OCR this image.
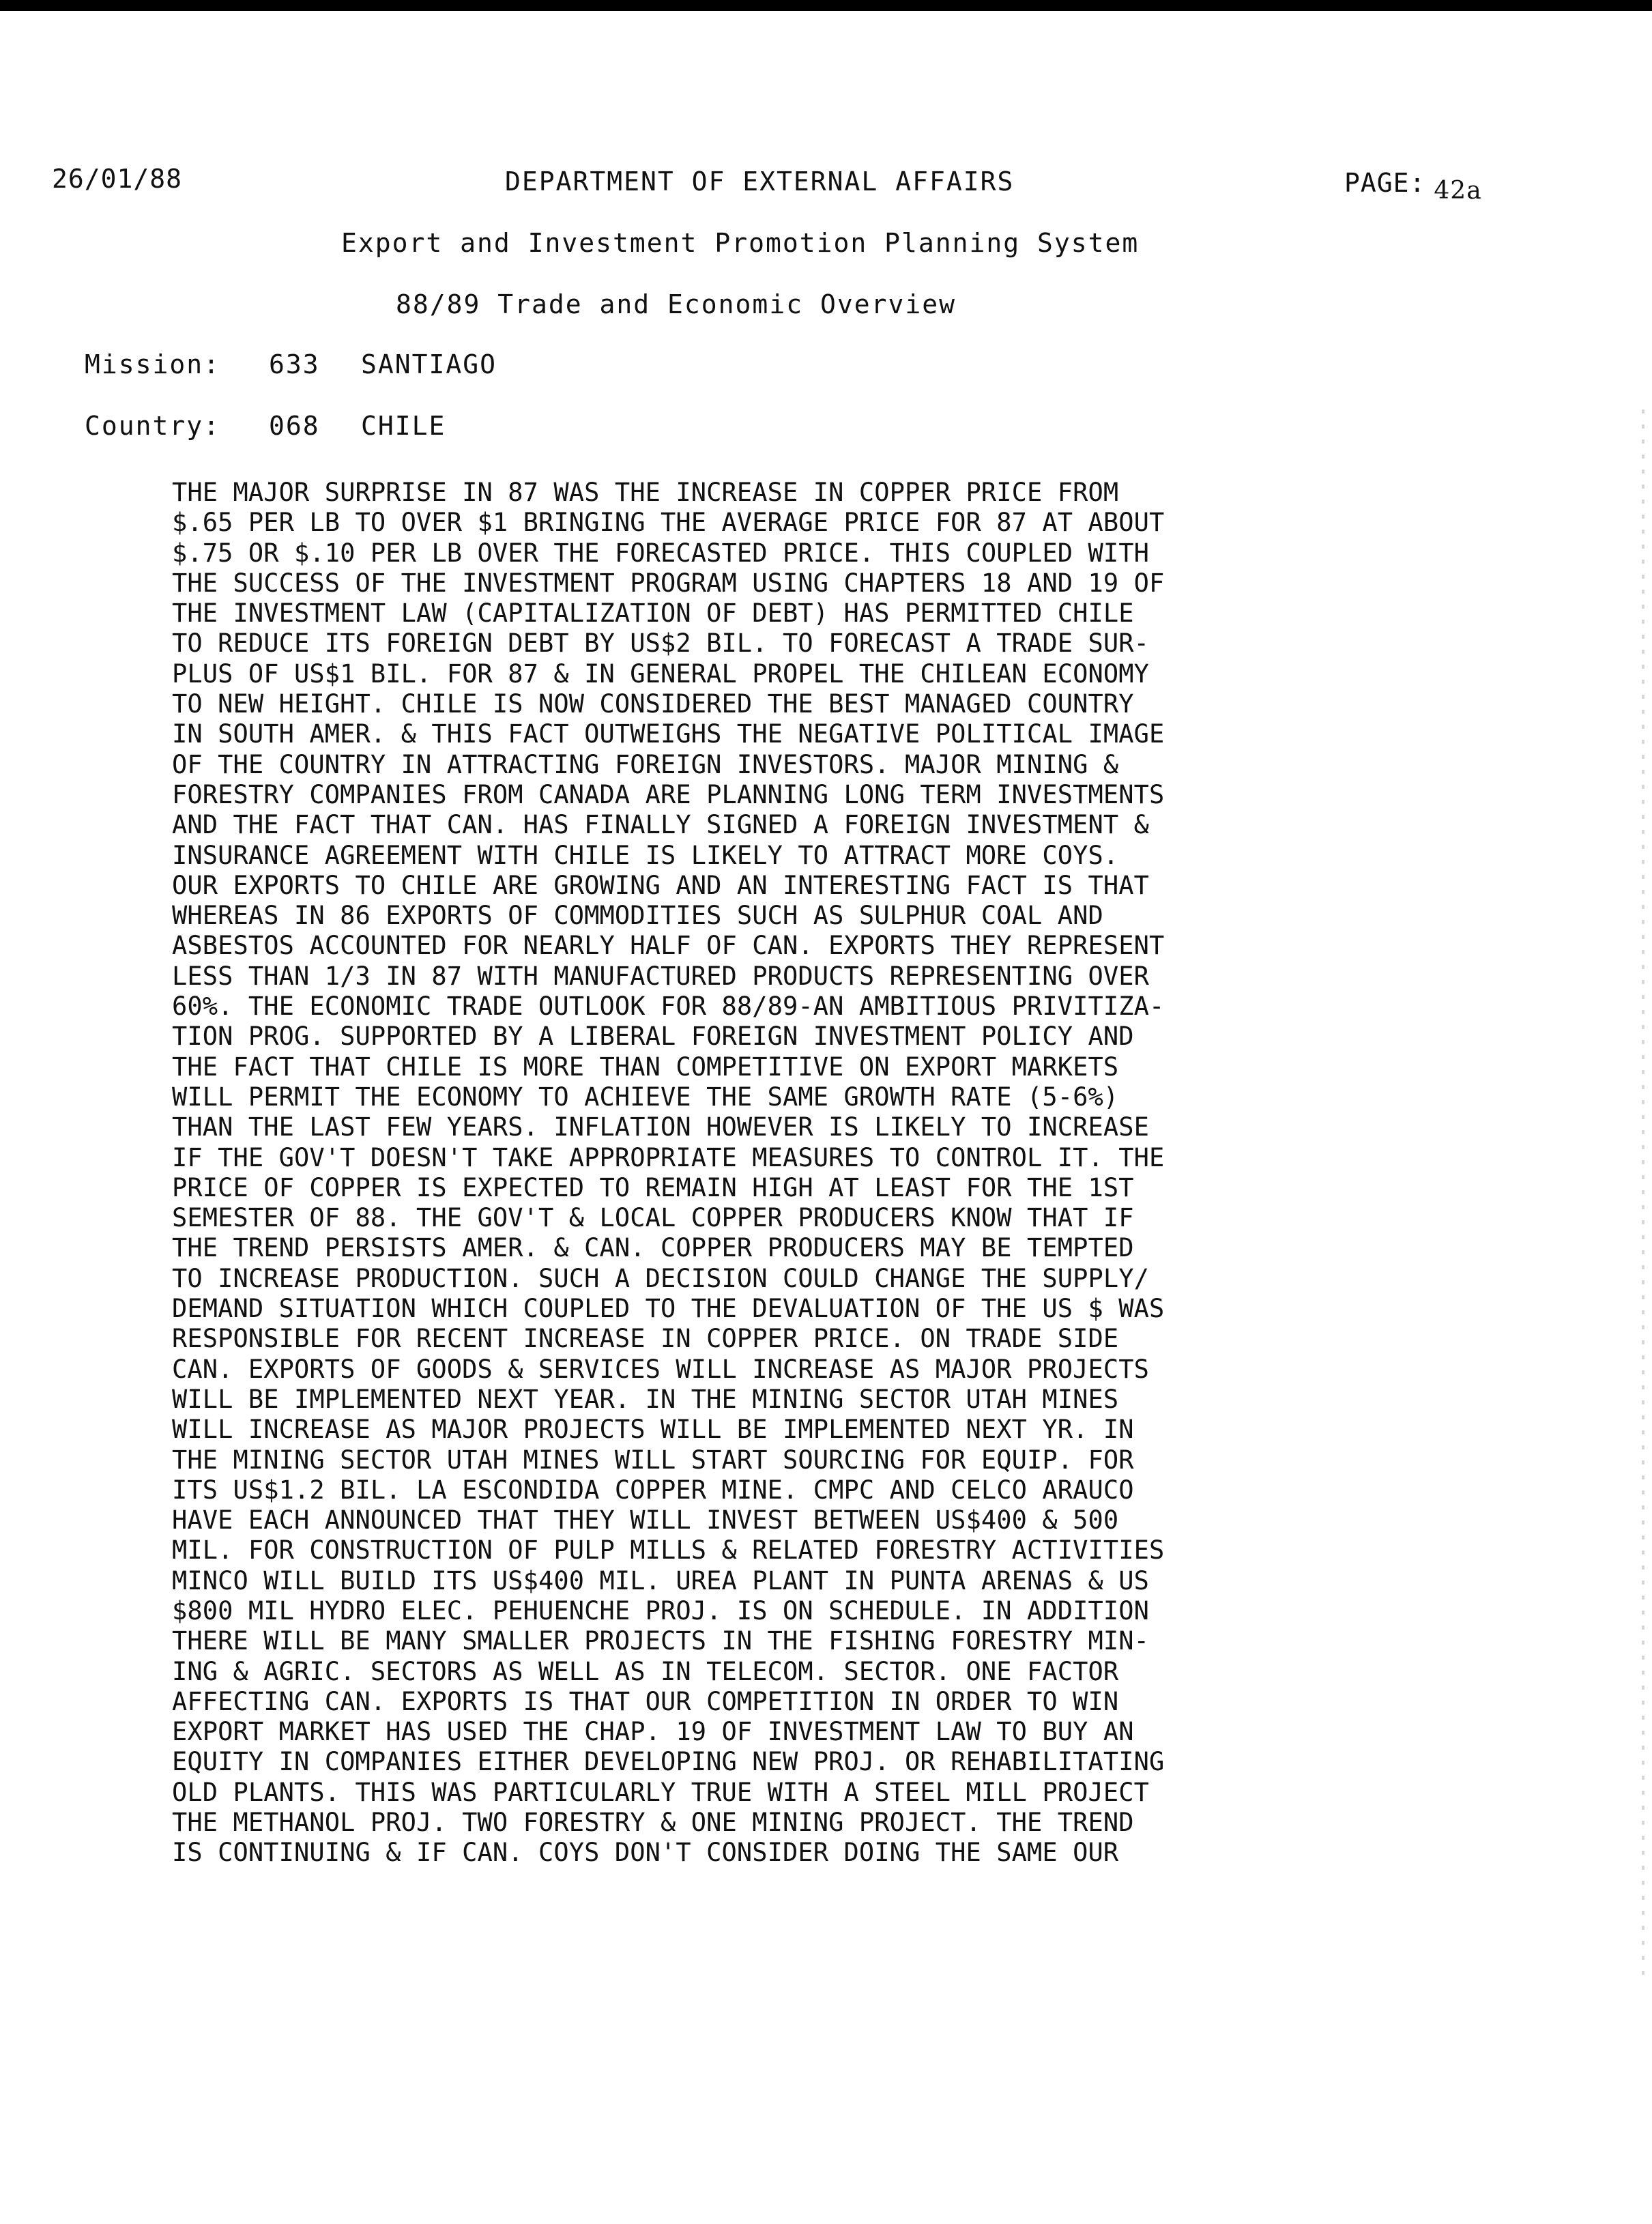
26/01/88	DEPARTMENT OF EXTERNAL AFFAIRS	PAGE: 42a
Export and Investment Promotion Planning System
88/89 Trade and Economic Overview
Mission: 633 SANTIAGO
Country: 068 CHILE
THE MAJOR SURPRISE IN 87 WAS THE INCREASE IN COPPER PRICE FROM
$.65 PER LB TO OVER $1 BRINGING THE AVERAGE PRICE FOR 87 AT ABOUT
$.75 OR $.10 PER LB OVER THE FORECASTED PRICE. THIS COUPLED WITH
THE SUCCESS OF THE INVESTMENT PROGRAM USING CHAPTERS 18 AND 19 OF
THE INVESTMENT LAW (CAPITALIZATION OF DEBT) HAS PERMITTED CHILE
TO REDUCE ITS FOREIGN DEBT BY US$2 BIL. TO FORECAST A TRADE SUR-
PLUS OF US$1 BIL. FOR 87 & IN GENERAL PROPEL THE CHILEAN ECONOMY
TO NEW HEIGHT. CHILE IS NOW CONSIDERED THE BEST MANAGED COUNTRY
IN SOUTH AMER. & THIS FACT OUTWEIGHS THE NEGATIVE POLITICAL IMAGE
OF THE COUNTRY IN ATTRACTING FOREIGN INVESTORS. MAJOR MINING &
FORESTRY COMPANIES FROM CANADA ARE PLANNING LONG TERM INVESTMENTS
AND THE FACT THAT CAN. HAS FINALLY SIGNED A FOREIGN INVESTMENT &
INSURANCE AGREEMENT WITH CHILE IS LIKELY TO ATTRACT MORE COYS.
OUR EXPORTS TO CHILE ARE GROWING AND AN INTERESTING FACT IS THAT
WHEREAS IN 86 EXPORTS OF COMMODITIES SUCH AS SULPHUR COAL AND
ASBESTOS ACCOUNTED FOR NEARLY HALF OF CAN. EXPORTS THEY REPRESENT
LESS THAN 1/3 IN 87 WITH MANUFACTURED PRODUCTS REPRESENTING OVER
60%. THE ECONOMIC TRADE OUTLOOK FOR 88/89-AN AMBITIOUS PRIVITIZA-
TION PROG. SUPPORTED BY A LIBERAL FOREIGN INVESTMENT POLICY AND
THE FACT THAT CHILE IS MORE THAN COMPETITIVE ON EXPORT MARKETS
WILL PERMIT THE ECONOMY TO ACHIEVE THE SAME GROWTH RATE (5-6%)
THAN THE LAST FEW YEARS. INFLATION HOWEVER IS LIKELY TO INCREASE
IF THE GOV'T DOESN'T TAKE APPROPRIATE MEASURES TO CONTROL IT. THE
PRICE OF COPPER IS EXPECTED TO REMAIN HIGH AT LEAST FOR THE 1ST
SEMESTER OF 88. THE GOV'T & LOCAL COPPER PRODUCERS KNOW THAT IF
THE TREND PERSISTS AMER. & CAN. COPPER PRODUCERS MAY BE TEMPTED
TO INCREASE PRODUCTION. SUCH A DECISION COULD CHANGE THE SUPPLY/
DEMAND SITUATION WHICH COUPLED TO THE DEVALUATION OF THE US $ WAS
RESPONSIBLE FOR RECENT INCREASE IN COPPER PRICE. ON TRADE SIDE
CAN. EXPORTS OF GOODS & SERVICES WILL INCREASE AS MAJOR PROJECTS
WILL BE IMPLEMENTED NEXT YEAR. IN THE MINING SECTOR UTAH MINES
WILL INCREASE AS MAJOR PROJECTS WILL BE IMPLEMENTED NEXT YR. IN
THE MINING SECTOR UTAH MINES WILL START SOURCING FOR EQUIP. FOR
ITS US$1.2 BIL. LA ESCONDIDA COPPER MINE. CMPC AND CELCO ARAUCO
HAVE EACH ANNOUNCED THAT THEY WILL INVEST BETWEEN US$400 & 500
MIL. FOR CONSTRUCTION OF PULP MILLS & RELATED FORESTRY ACTIVITIES
MINCO WILL BUILD ITS US$400 MIL. UREA PLANT IN PUNTA ARENAS & US
$800 MIL HYDRO ELEC. PEHUENCHE PROJ. IS ON SCHEDULE. IN ADDITION
THERE WILL BE MANY SMALLER PROJECTS IN THE FISHING FORESTRY MIN-
ING & AGRIC. SECTORS AS WELL AS IN TELECOM. SECTOR. ONE FACTOR
AFFECTING CAN. EXPORTS IS THAT OUR COMPETITION IN ORDER TO WIN
EXPORT MARKET HAS USED THE CHAP. 19 OF INVESTMENT LAW TO BUY AN
EQUITY IN COMPANIES EITHER DEVELOPING NEW PROJ. OR REHABILITATING
OLD PLANTS. THIS WAS PARTICULARLY TRUE WITH A STEEL MILL PROJECT
THE METHANOL PROJ. TWO FORESTRY & ONE MINING PROJECT. THE TREND
IS CONTINUING & IF CAN. COYS DON'T CONSIDER DOING THE SAME OUR
